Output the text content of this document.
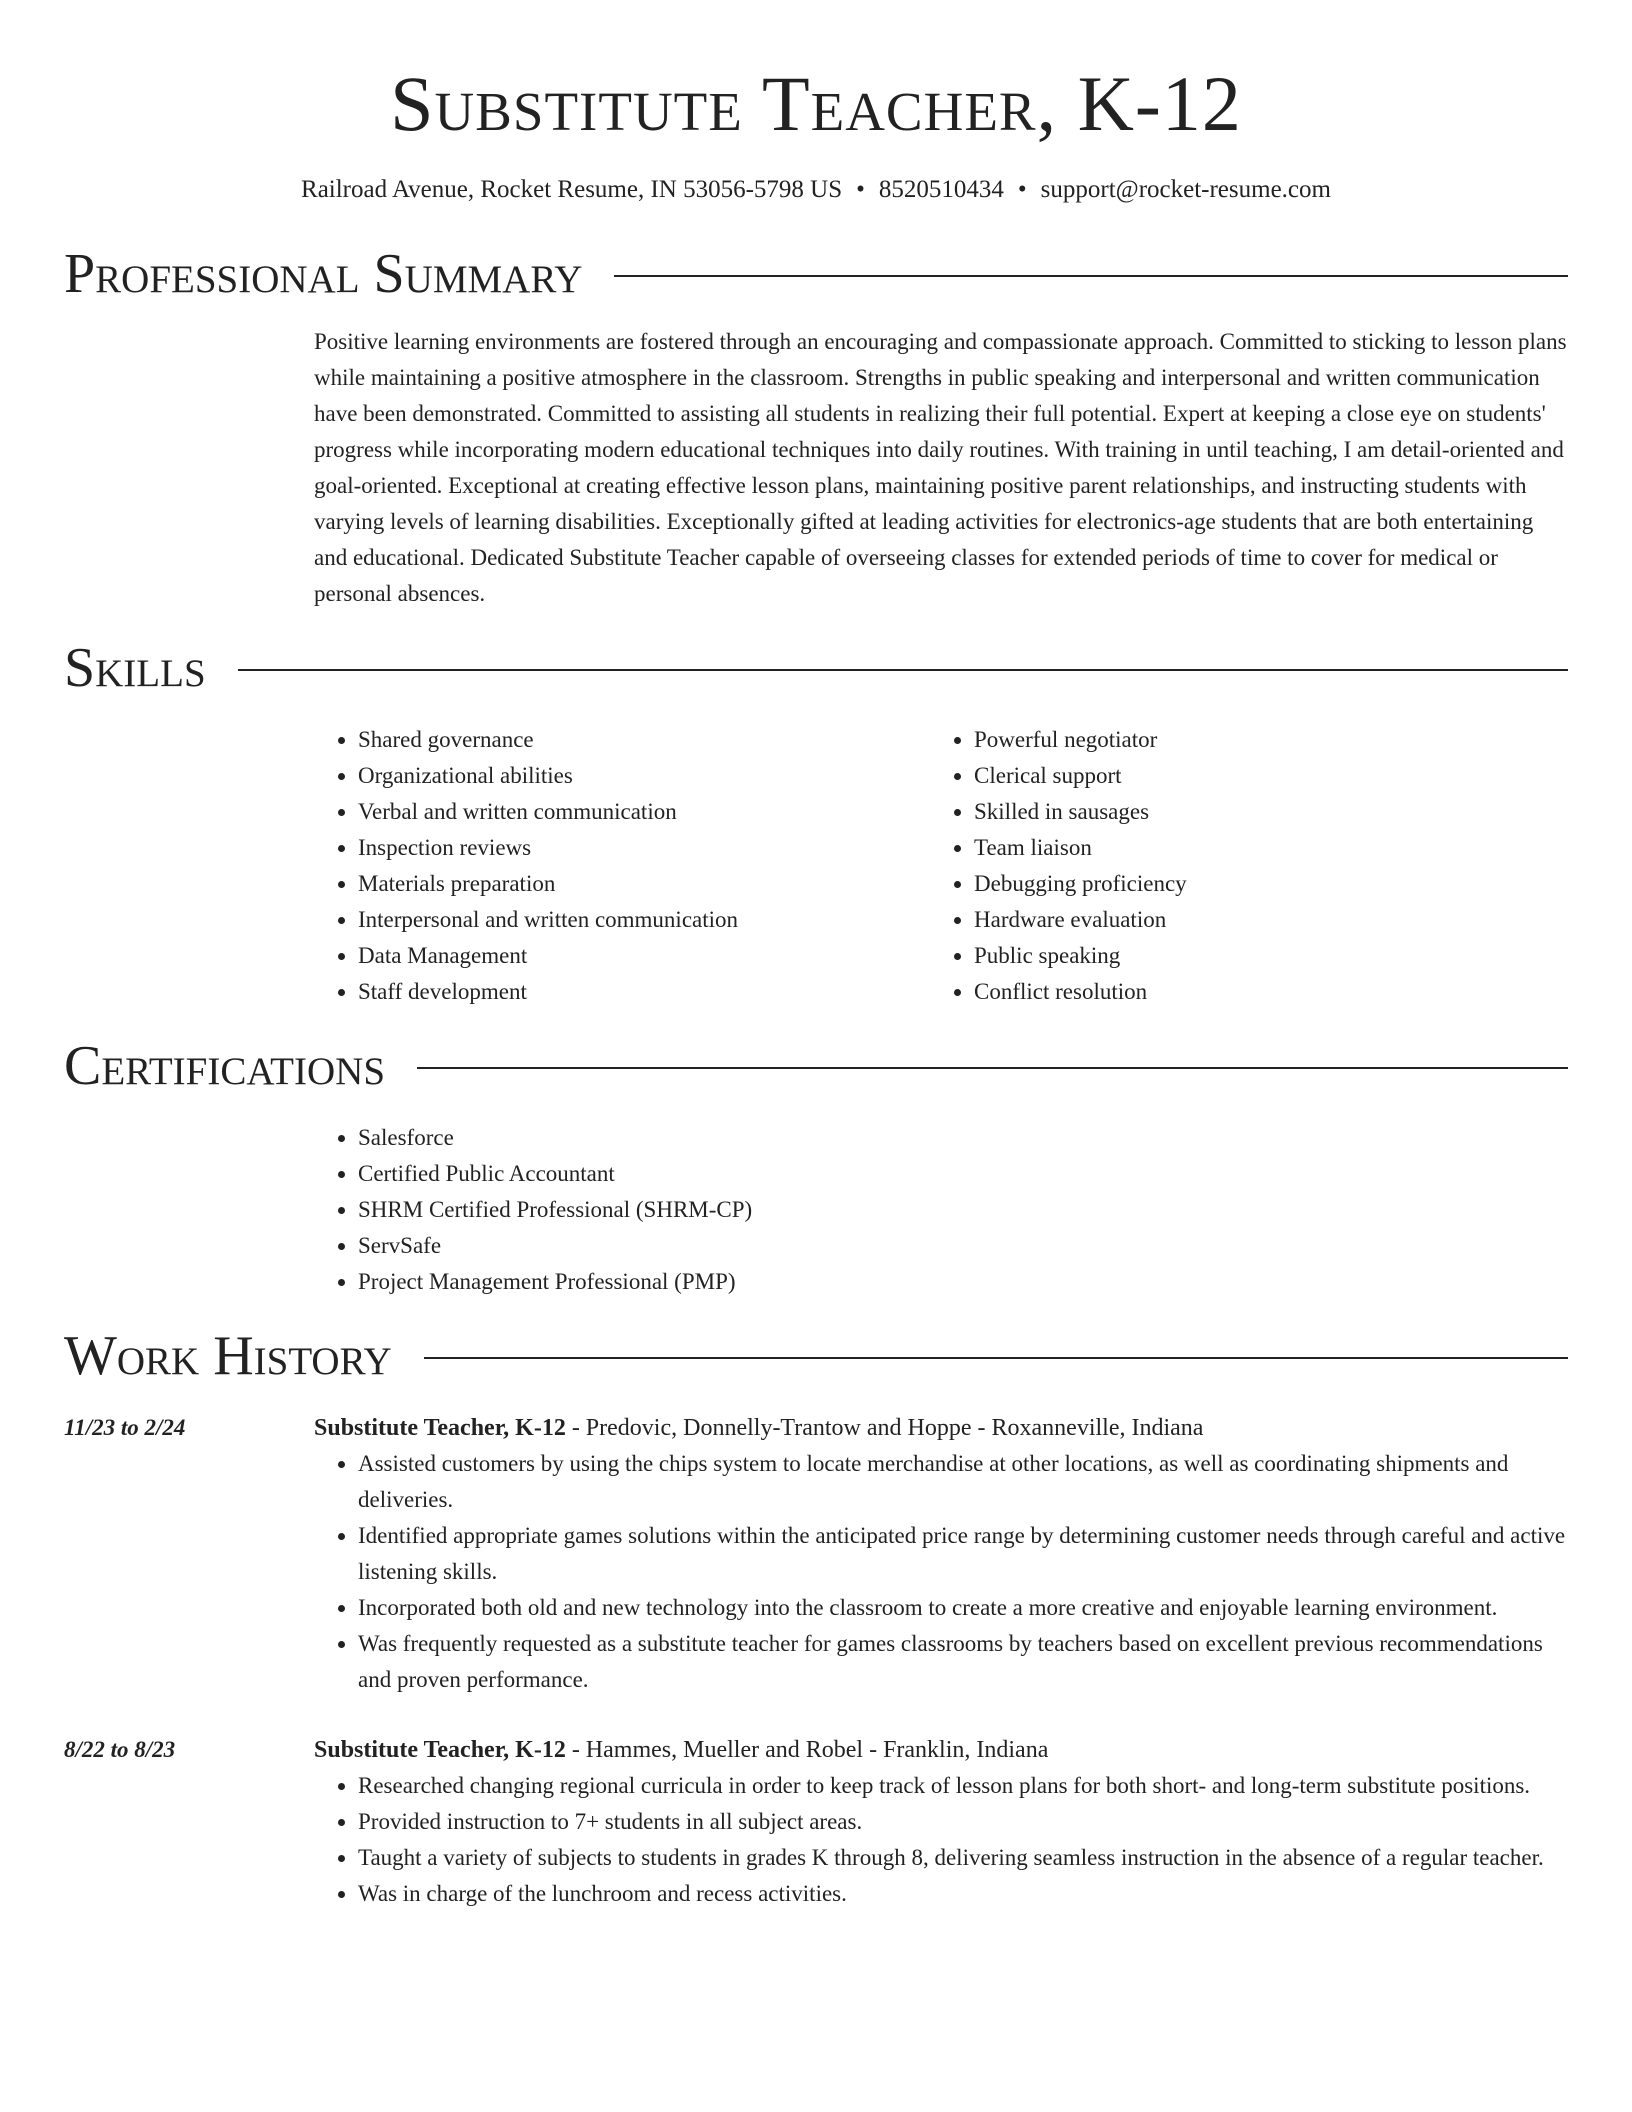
Substitute Teacher, K-12
Railroad Avenue, Rocket Resume, IN 53056-5798 US • 8520510434 • support@rocket-resume.com
Professional Summary

Positive learning environments are fostered through an encouraging and compassionate approach. Committed to sticking to lesson plans while maintaining a positive atmosphere in the classroom. Strengths in public speaking and interpersonal and written communication have been demonstrated. Committed to assisting all students in realizing their full potential. Expert at keeping a close eye on students' progress while incorporating modern educational techniques into daily routines. With training in until teaching, I am detail-oriented and goal-oriented. Exceptional at creating effective lesson plans, maintaining positive parent relationships, and instructing students with varying levels of learning disabilities. Exceptionally gifted at leading activities for electronics-age students that are both entertaining and educational. Dedicated Substitute Teacher capable of overseeing classes for extended periods of time to cover for medical or personal absences.

Skills
• Shared governance
• Organizational abilities
• Verbal and written communication
• Inspection reviews
• Materials preparation
• Interpersonal and written communication
• Data Management
• Staff development
• Powerful negotiator
• Clerical support
• Skilled in sausages
• Team liaison
• Debugging proficiency
• Hardware evaluation
• Public speaking
• Conflict resolution
Certifications
• Salesforce
• Certified Public Accountant
• SHRM Certified Professional (SHRM-CP)
• ServSafe
• Project Management Professional (PMP)
Work History
11/23 to 2/24	Substitute Teacher, K-12 - Predovic, Donnelly-Trantow and Hoppe - Roxanneville, Indiana
• Assisted customers by using the chips system to locate merchandise at other locations, as well as coordinating shipments and deliveries.
• Identified appropriate games solutions within the anticipated price range by determining customer needs through careful and active listening skills.
• Incorporated both old and new technology into the classroom to create a more creative and enjoyable learning environment.
• Was frequently requested as a substitute teacher for games classrooms by teachers based on excellent previous recommendations and proven performance.
8/22 to 8/23	Substitute Teacher, K-12 - Hammes, Mueller and Robel - Franklin, Indiana
• Researched changing regional curricula in order to keep track of lesson plans for both short- and long-term substitute positions.
• Provided instruction to 7+ students in all subject areas.
• Taught a variety of subjects to students in grades K through 8, delivering seamless instruction in the absence of a regular teacher.
• Was in charge of the lunchroom and recess activities.
